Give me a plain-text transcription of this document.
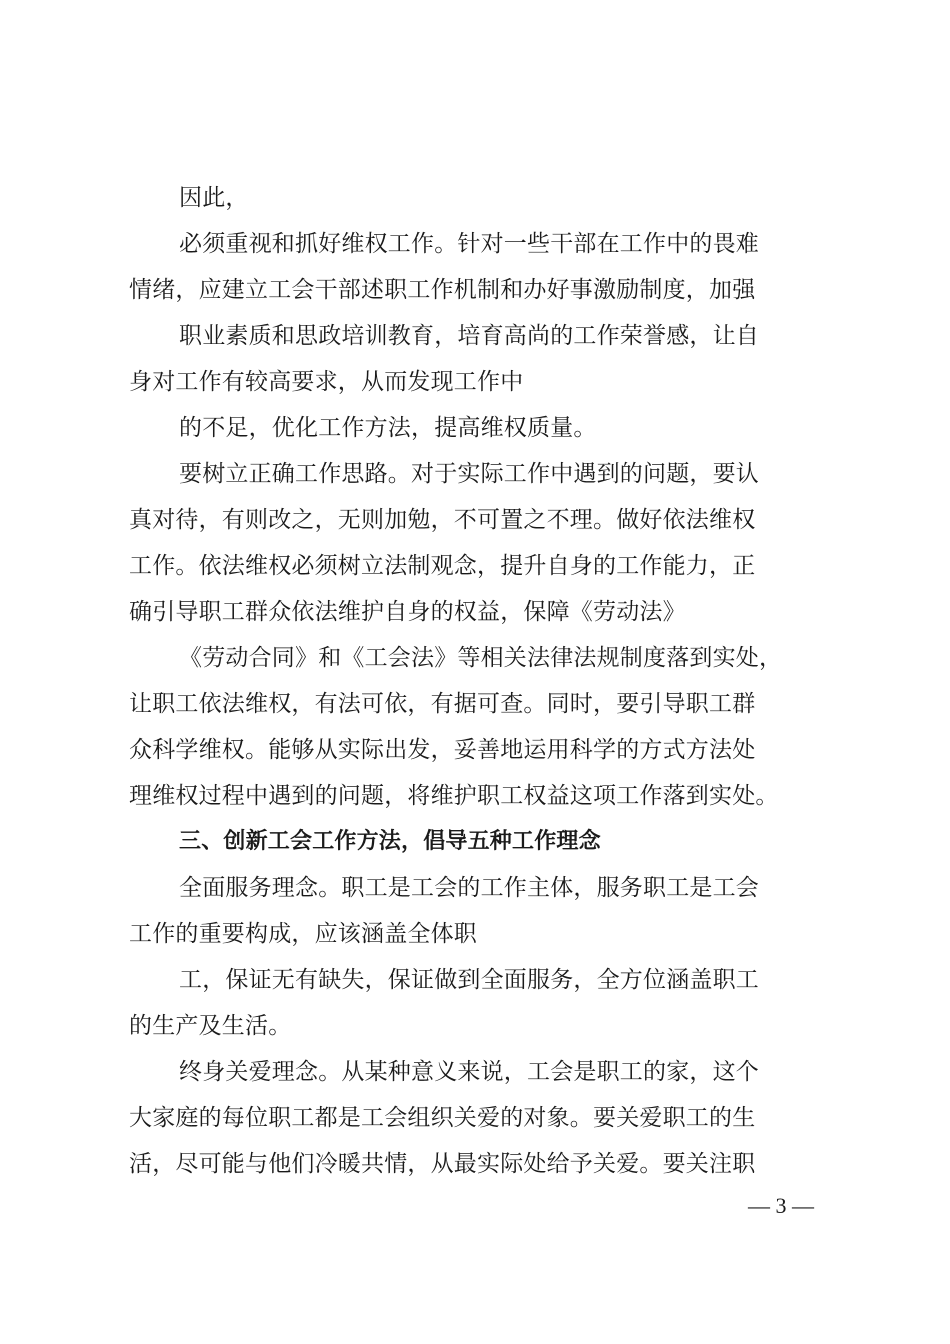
因此，

必须重视和抓好维权工作。针对一些干部在工作中的畏难

情绪，应建立工会干部述职工作机制和办好事激励制度，加强

职业素质和思政培训教育，培育高尚的工作荣誉感，让自

身对工作有较高要求，从而发现工作中

的不足，优化工作方法，提高维权质量。

要树立正确工作思路。对于实际工作中遇到的问题，要认

真对待，有则改之，无则加勉，不可置之不理。做好依法维权

工作。依法维权必须树立法制观念，提升自身的工作能力，正

确引导职工群众依法维护自身的权益，保障《劳动法》

《劳动合同》和《工会法》等相关法律法规制度落到实处，

让职工依法维权，有法可依，有据可查。同时，要引导职工群

众科学维权。能够从实际出发，妥善地运用科学的方式方法处

理维权过程中遇到的问题，将维护职工权益这项工作落到实处。

三、创新工会工作方法，倡导五种工作理念

全面服务理念。职工是工会的工作主体，服务职工是工会

工作的重要构成，应该涵盖全体职

工，保证无有缺失，保证做到全面服务，全方位涵盖职工

的生产及生活。

终身关爱理念。从某种意义来说，工会是职工的家，这个

大家庭的每位职工都是工会组织关爱的对象。要关爱职工的生

活，尽可能与他们冷暖共情，从最实际处给予关爱。要关注职

— 3 —
